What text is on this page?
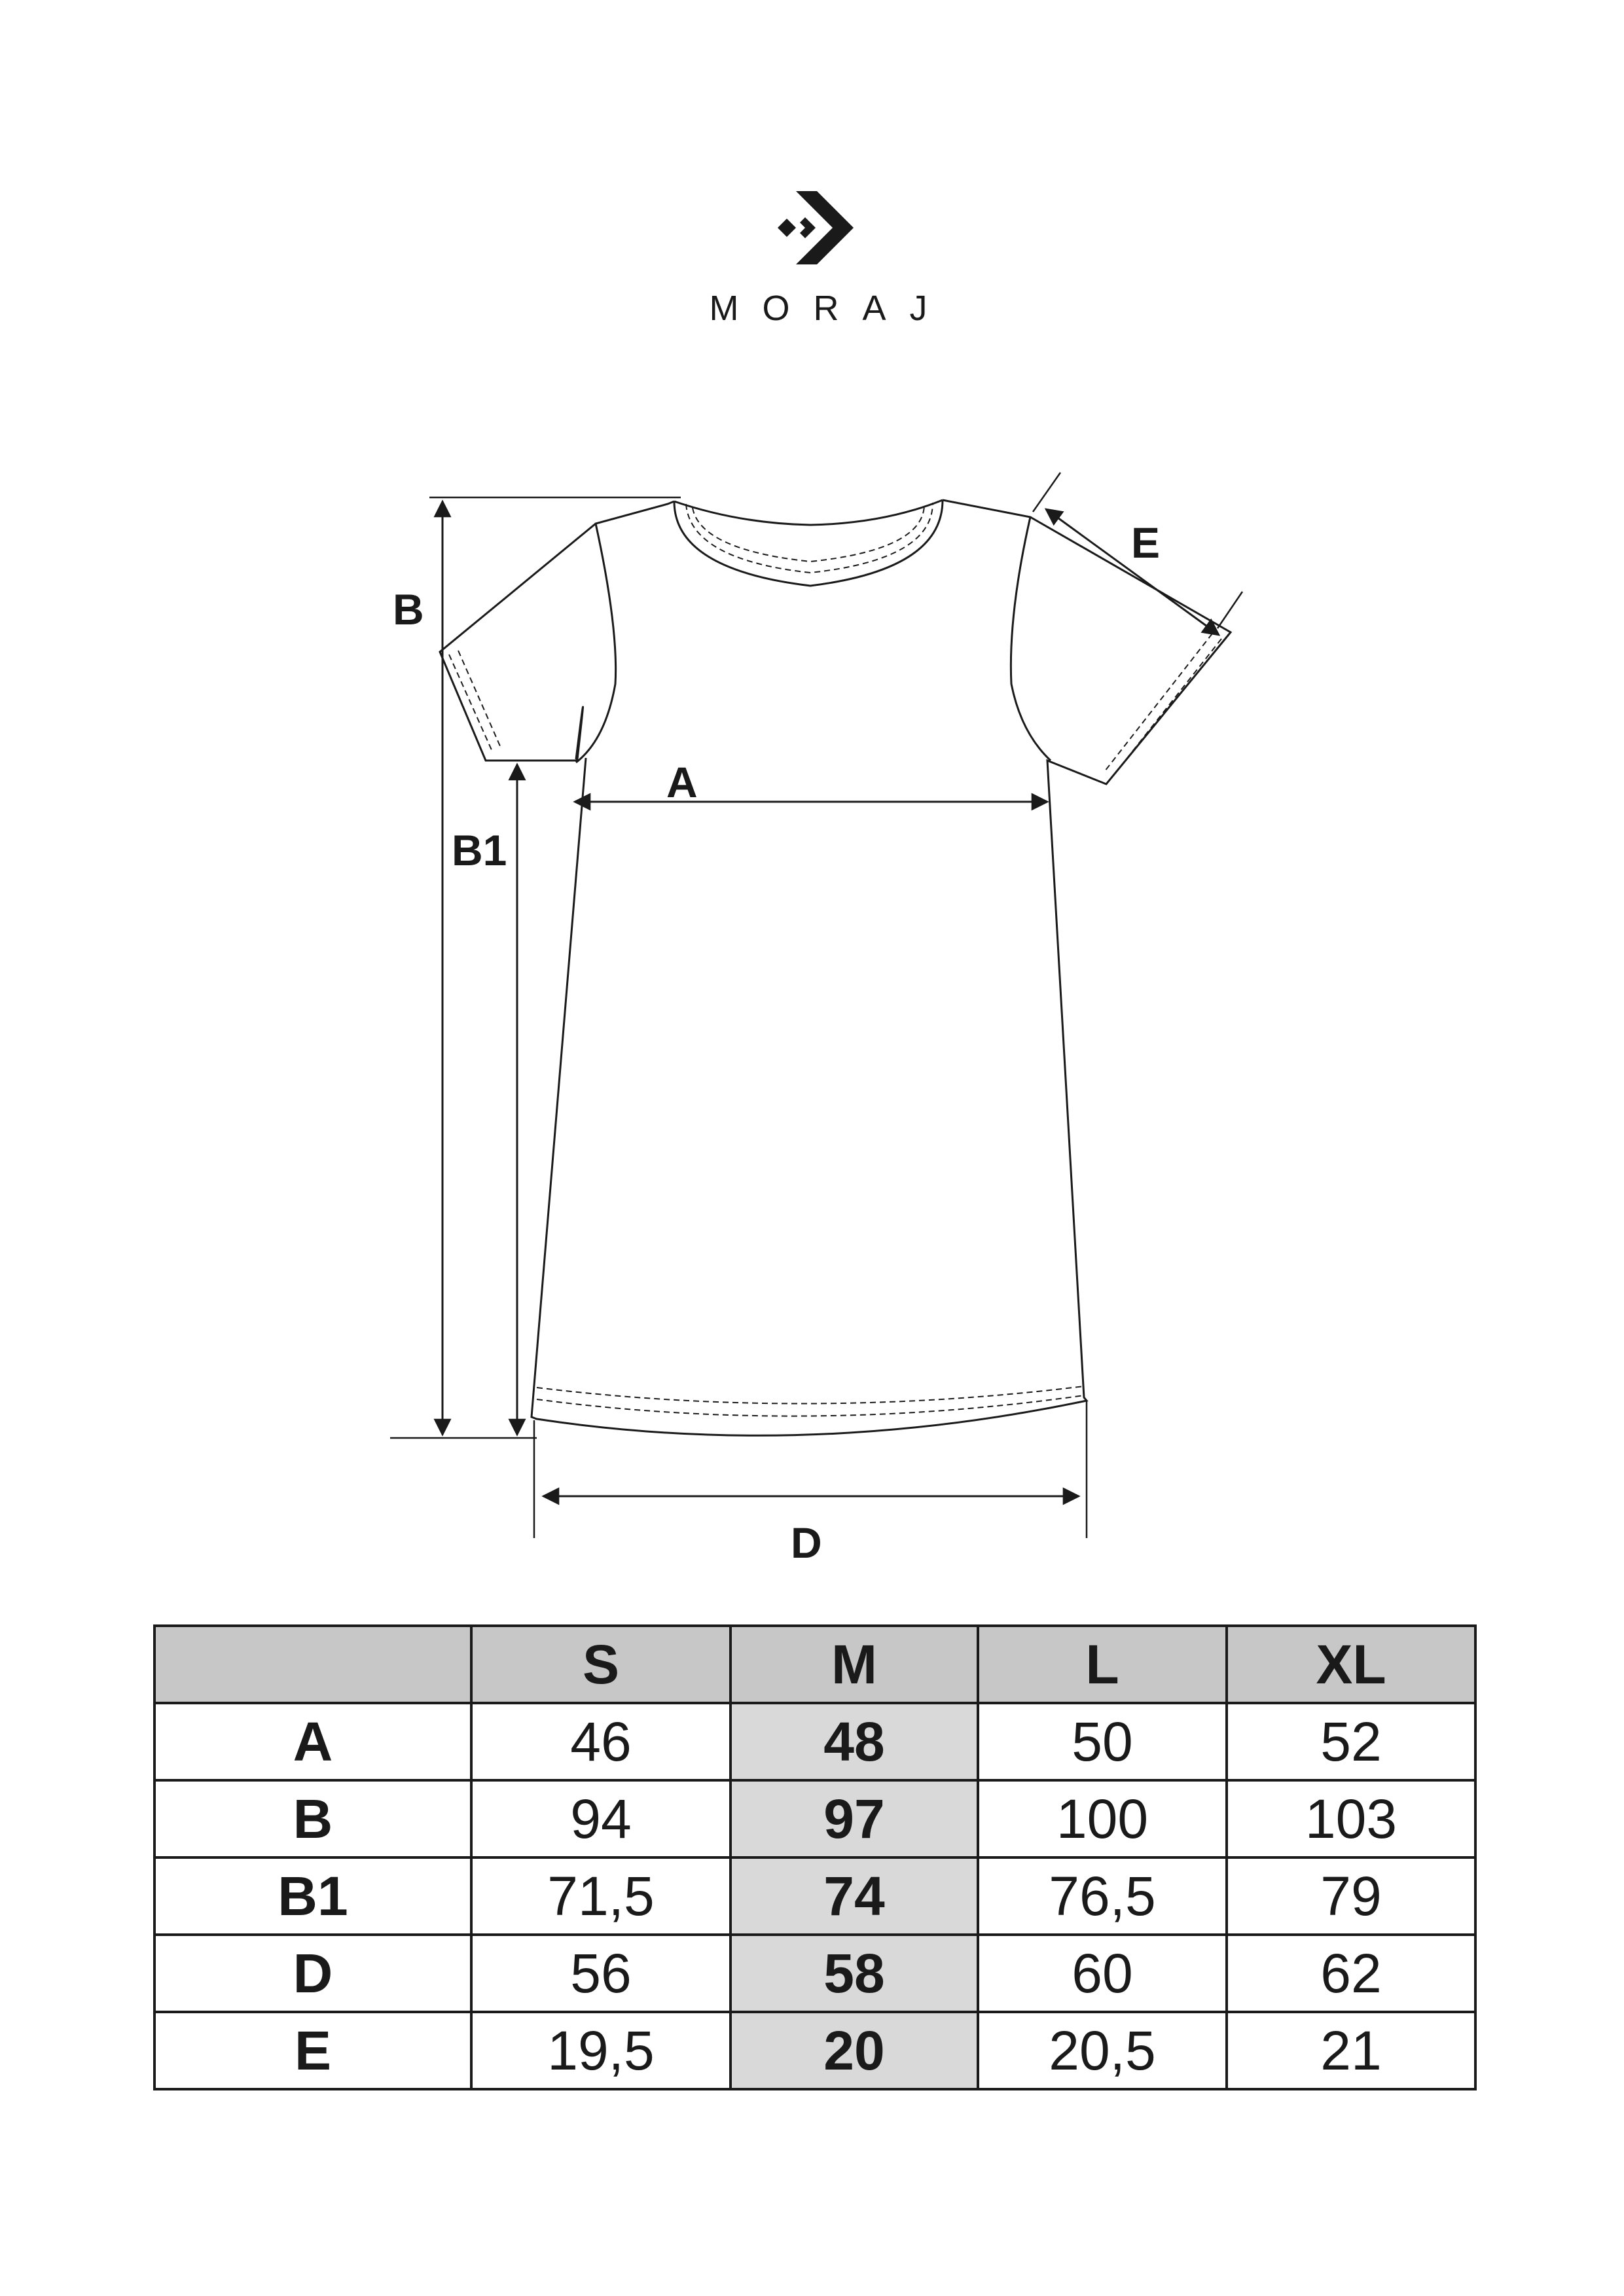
MORAJ
B
B1
A
D
E
	S	M	L	XL
A	46	48	50	52
B	94	97	100	103
B1	71,5	74	76,5	79
D	56	58	60	62
E	19,5	20	20,5	21
